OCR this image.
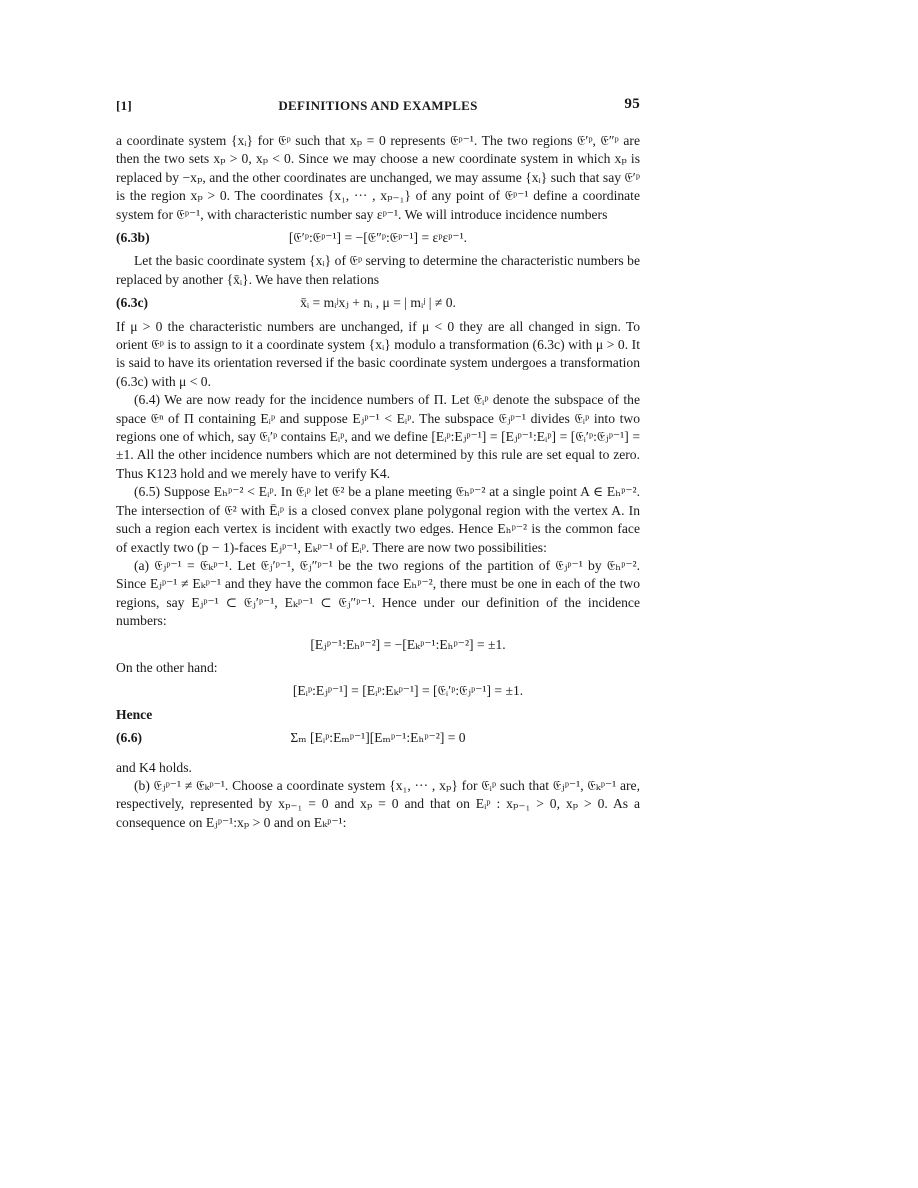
[1]	DEFINITIONS AND EXAMPLES	95

a coordinate system {xᵢ} for 𝔈ᵖ such that xₚ = 0 represents 𝔈ᵖ⁻¹. The two regions 𝔈′ᵖ, 𝔈″ᵖ are then the two sets xₚ > 0, xₚ < 0. Since we may choose a new coordinate system in which xₚ is replaced by −xₚ, and the other coordinates are unchanged, we may assume {xᵢ} such that say 𝔈′ᵖ is the region xₚ > 0. The coordinates {x₁, ··· , xₚ₋₁} of any point of 𝔈ᵖ⁻¹ define a coordinate system for 𝔈ᵖ⁻¹, with characteristic number say εᵖ⁻¹. We will introduce incidence numbers

(6.3b)	[𝔈′ᵖ:𝔈ᵖ⁻¹] = −[𝔈″ᵖ:𝔈ᵖ⁻¹] = εᵖεᵖ⁻¹.

Let the basic coordinate system {xᵢ} of 𝔈ᵖ serving to determine the characteristic numbers be replaced by another {x̄ᵢ}. We have then relations

(6.3c)	x̄ᵢ = mᵢʲxⱼ + nᵢ , μ = | mᵢʲ | ≠ 0.

If μ > 0 the characteristic numbers are unchanged, if μ < 0 they are all changed in sign. To orient 𝔈ᵖ is to assign to it a coordinate system {xᵢ} modulo a transformation (6.3c) with μ > 0. It is said to have its orientation reversed if the basic coordinate system undergoes a transformation (6.3c) with μ < 0.

(6.4) We are now ready for the incidence numbers of Π. Let 𝔈ᵢᵖ denote the subspace of the space 𝔈ⁿ of Π containing Eᵢᵖ and suppose Eⱼᵖ⁻¹ < Eᵢᵖ. The subspace 𝔈ⱼᵖ⁻¹ divides 𝔈ᵢᵖ into two regions one of which, say 𝔈ᵢ′ᵖ contains Eᵢᵖ, and we define [Eᵢᵖ:Eⱼᵖ⁻¹] = [Eⱼᵖ⁻¹:Eᵢᵖ] = [𝔈ᵢ′ᵖ:𝔈ⱼᵖ⁻¹] = ±1. All the other incidence numbers which are not determined by this rule are set equal to zero. Thus K123 hold and we merely have to verify K4.

(6.5) Suppose Eₕᵖ⁻² < Eᵢᵖ. In 𝔈ᵢᵖ let 𝔈² be a plane meeting 𝔈ₕᵖ⁻² at a single point A ∈ Eₕᵖ⁻². The intersection of 𝔈² with Ēᵢᵖ is a closed convex plane polygonal region with the vertex A. In such a region each vertex is incident with exactly two edges. Hence Eₕᵖ⁻² is the common face of exactly two (p − 1)-faces Eⱼᵖ⁻¹, Eₖᵖ⁻¹ of Eᵢᵖ. There are now two possibilities:

(a) 𝔈ⱼᵖ⁻¹ = 𝔈ₖᵖ⁻¹. Let 𝔈ⱼ′ᵖ⁻¹, 𝔈ⱼ″ᵖ⁻¹ be the two regions of the partition of 𝔈ⱼᵖ⁻¹ by 𝔈ₕᵖ⁻². Since Eⱼᵖ⁻¹ ≠ Eₖᵖ⁻¹ and they have the common face Eₕᵖ⁻², there must be one in each of the two regions, say Eⱼᵖ⁻¹ ⊂ 𝔈ⱼ′ᵖ⁻¹, Eₖᵖ⁻¹ ⊂ 𝔈ⱼ″ᵖ⁻¹. Hence under our definition of the incidence numbers:

[Eⱼᵖ⁻¹:Eₕᵖ⁻²] = −[Eₖᵖ⁻¹:Eₕᵖ⁻²] = ±1.

On the other hand:

[Eᵢᵖ:Eⱼᵖ⁻¹] = [Eᵢᵖ:Eₖᵖ⁻¹] = [𝔈ᵢ′ᵖ:𝔈ⱼᵖ⁻¹] = ±1.

Hence

(6.6)	Σₘ [Eᵢᵖ:Eₘᵖ⁻¹][Eₘᵖ⁻¹:Eₕᵖ⁻²] = 0

and K4 holds.

(b) 𝔈ⱼᵖ⁻¹ ≠ 𝔈ₖᵖ⁻¹. Choose a coordinate system {x₁, ··· , xₚ} for 𝔈ᵢᵖ such that 𝔈ⱼᵖ⁻¹, 𝔈ₖᵖ⁻¹ are, respectively, represented by xₚ₋₁ = 0 and xₚ = 0 and that on Eᵢᵖ : xₚ₋₁ > 0, xₚ > 0. As a consequence on Eⱼᵖ⁻¹:xₚ > 0 and on Eₖᵖ⁻¹:
